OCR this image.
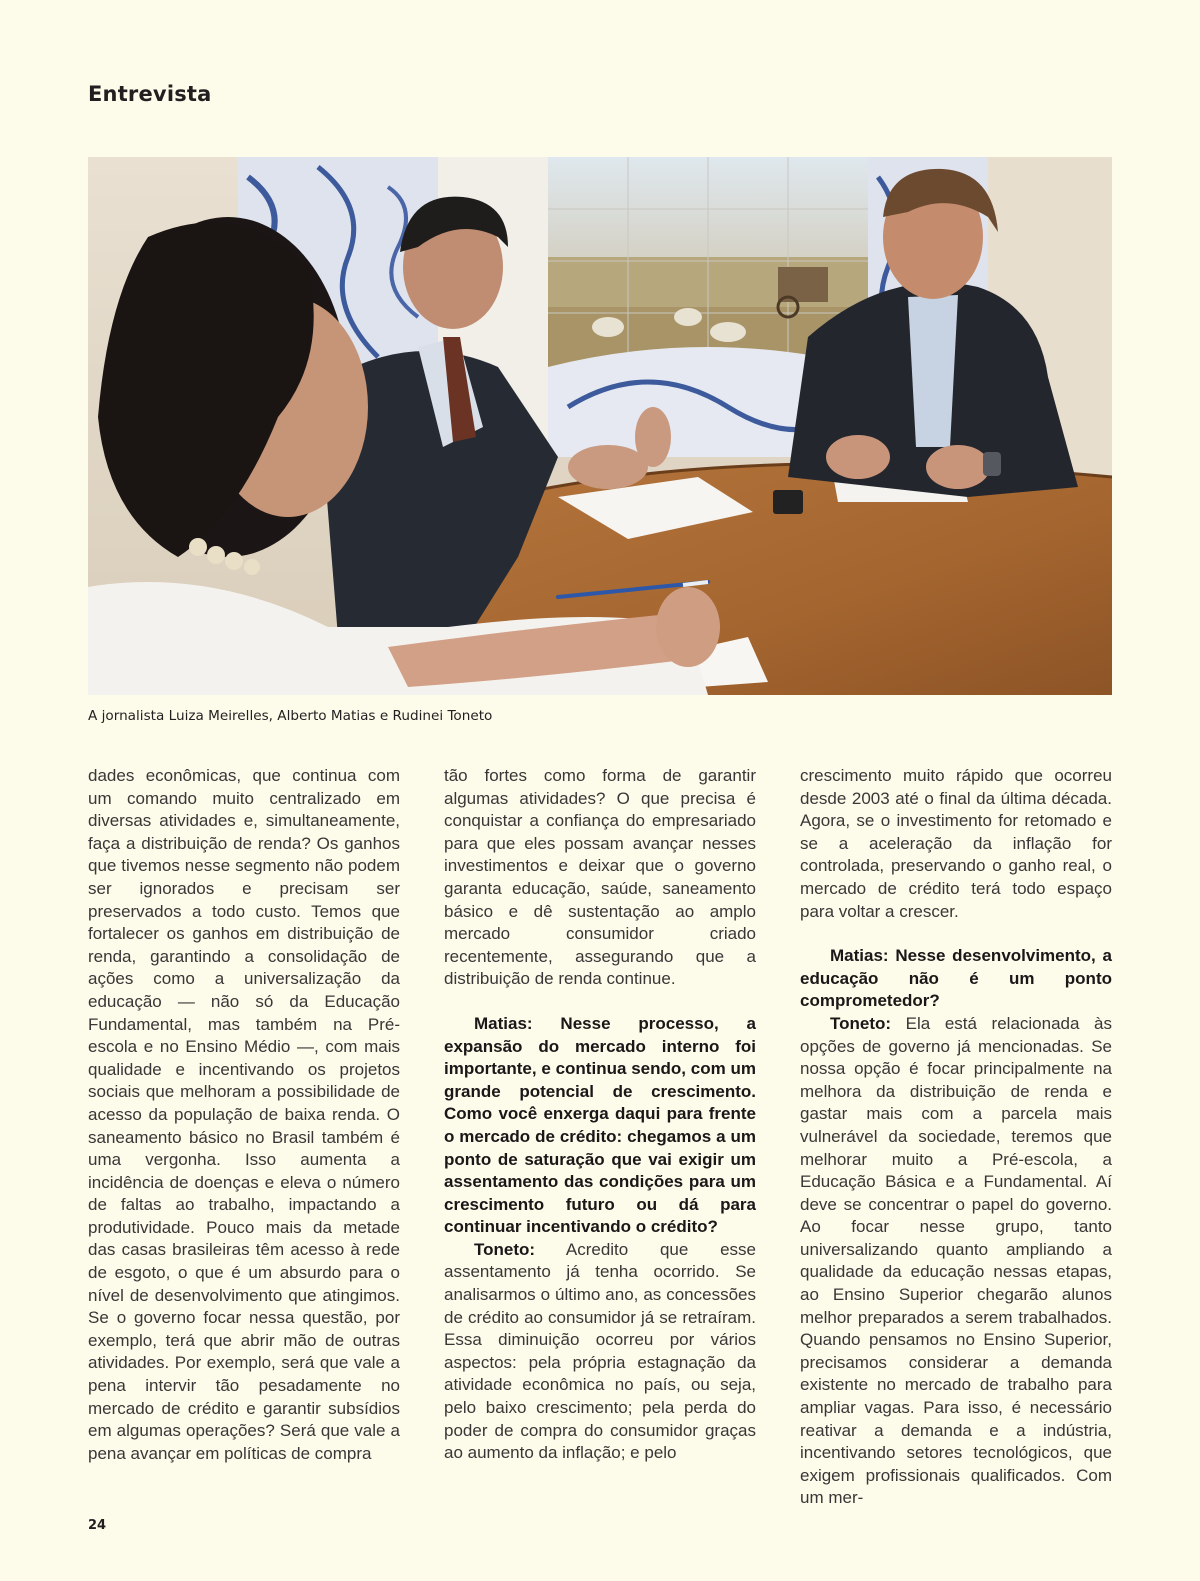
Entrevista
A jornalista Luiza Meirelles, Alberto Matias e Rudinei Toneto

dades econômicas, que continua com um comando muito centralizado em diversas atividades e, simultaneamente, faça a distribuição de renda? Os ganhos que tivemos nesse segmento não podem ser ignorados e precisam ser preservados a todo custo. Temos que fortalecer os ganhos em distribuição de renda, garantindo a consolidação de ações como a universalização da educação — não só da Educação Fundamental, mas também na Pré-escola e no Ensino Médio —, com mais qualidade e incentivando os projetos sociais que melhoram a possibilidade de acesso da população de baixa renda. O saneamento básico no Brasil também é uma vergonha. Isso aumenta a incidência de doenças e eleva o número de faltas ao trabalho, impactando a produtividade. Pouco mais da metade das casas brasileiras têm acesso à rede de esgoto, o que é um absurdo para o nível de desenvolvimento que atingimos. Se o governo focar nessa questão, por exemplo, terá que abrir mão de outras atividades. Por exemplo, será que vale a pena intervir tão pesadamente no mercado de crédito e garantir subsídios em algumas operações? Será que vale a pena avançar em políticas de compra

tão fortes como forma de garantir algumas atividades? O que precisa é conquistar a confiança do empresariado para que eles possam avançar nesses investimentos e deixar que o governo garanta educação, saúde, saneamento básico e dê sustentação ao amplo mercado consumidor criado recentemente, assegurando que a distribuição de renda continue.

Matias: Nesse processo, a expansão do mercado interno foi importante, e continua sendo, com um grande potencial de crescimento. Como você enxerga daqui para frente o mercado de crédito: chegamos a um ponto de saturação que vai exigir um assentamento das condições para um crescimento futuro ou dá para continuar incentivando o crédito?

Toneto: Acredito que esse assentamento já tenha ocorrido. Se analisarmos o último ano, as concessões de crédito ao consumidor já se retraíram. Essa diminuição ocorreu por vários aspectos: pela própria estagnação da atividade econômica no país, ou seja, pelo baixo crescimento; pela perda do poder de compra do consumidor graças ao aumento da inflação; e pelo

crescimento muito rápido que ocorreu desde 2003 até o final da última década. Agora, se o investimento for retomado e se a aceleração da inflação for controlada, preservando o ganho real, o mercado de crédito terá todo espaço para voltar a crescer.

Matias: Nesse desenvolvimento, a educação não é um ponto comprometedor?

Toneto: Ela está relacionada às opções de governo já mencionadas. Se nossa opção é focar principalmente na melhora da distribuição de renda e gastar mais com a parcela mais vulnerável da sociedade, teremos que melhorar muito a Pré-escola, a Educação Básica e a Fundamental. Aí deve se concentrar o papel do governo. Ao focar nesse grupo, tanto universalizando quanto ampliando a qualidade da educação nessas etapas, ao Ensino Superior chegarão alunos melhor preparados a serem trabalhados. Quando pensamos no Ensino Superior, precisamos considerar a demanda existente no mercado de trabalho para ampliar vagas. Para isso, é necessário reativar a demanda e a indústria, incentivando setores tecnológicos, que exigem profissionais qualificados. Com um mer-

24
